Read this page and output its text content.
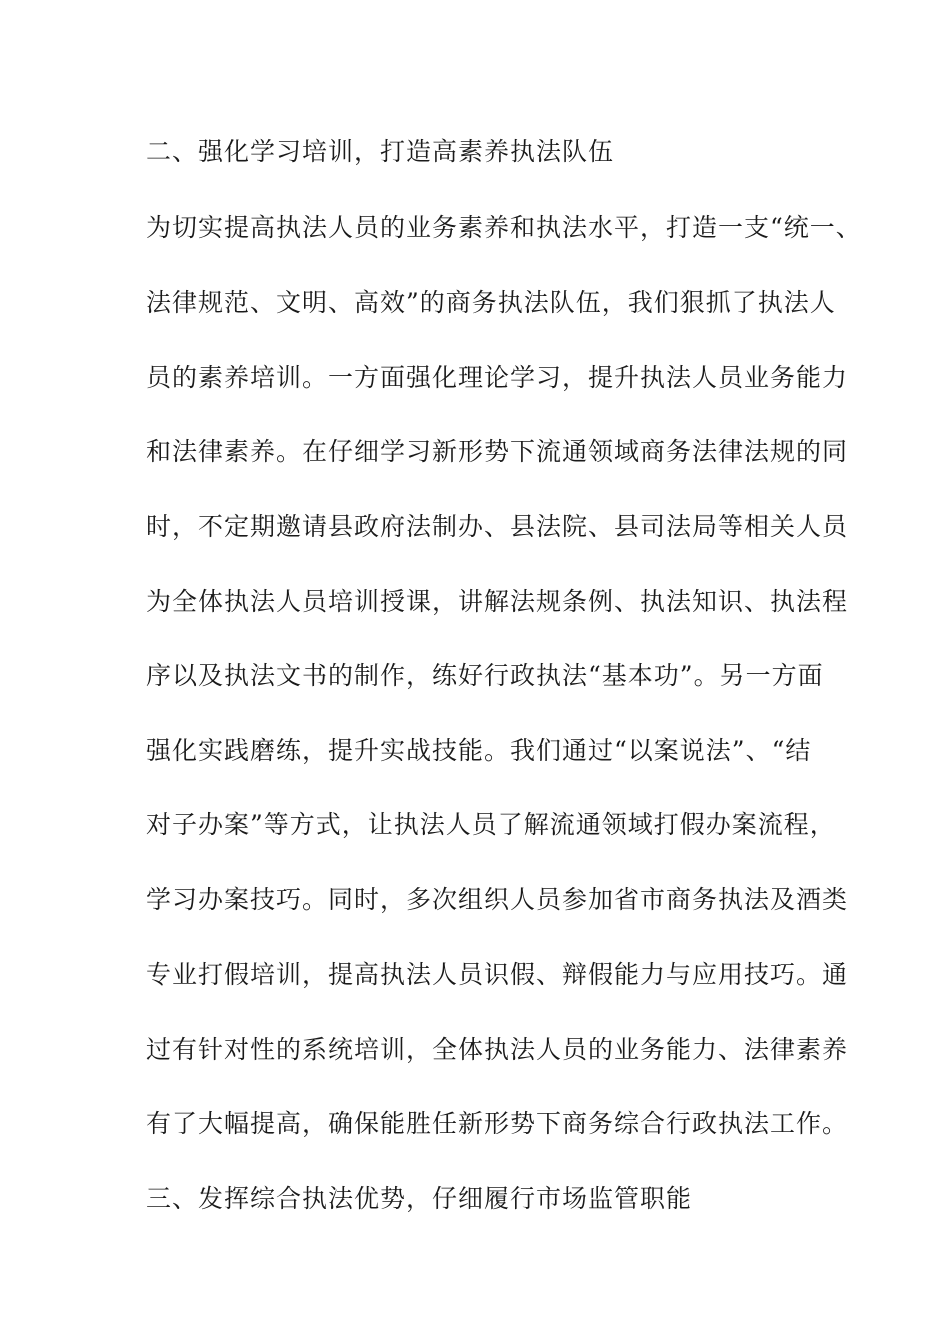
二、强化学习培训，打造高素养执法队伍
为切实提高执法人员的业务素养和执法水平，打造一支“统一、
法律规范、文明、高效”的商务执法队伍，我们狠抓了执法人
员的素养培训。一方面强化理论学习，提升执法人员业务能力
和法律素养。在仔细学习新形势下流通领域商务法律法规的同
时，不定期邀请县政府法制办、县法院、县司法局等相关人员
为全体执法人员培训授课，讲解法规条例、执法知识、执法程
序以及执法文书的制作，练好行政执法“基本功”。另一方面
强化实践磨练，提升实战技能。我们通过“以案说法”、“结
对子办案”等方式，让执法人员了解流通领域打假办案流程，
学习办案技巧。同时，多次组织人员参加省市商务执法及酒类
专业打假培训，提高执法人员识假、辩假能力与应用技巧。通
过有针对性的系统培训，全体执法人员的业务能力、法律素养
有了大幅提高，确保能胜任新形势下商务综合行政执法工作。
三、发挥综合执法优势，仔细履行市场监管职能
